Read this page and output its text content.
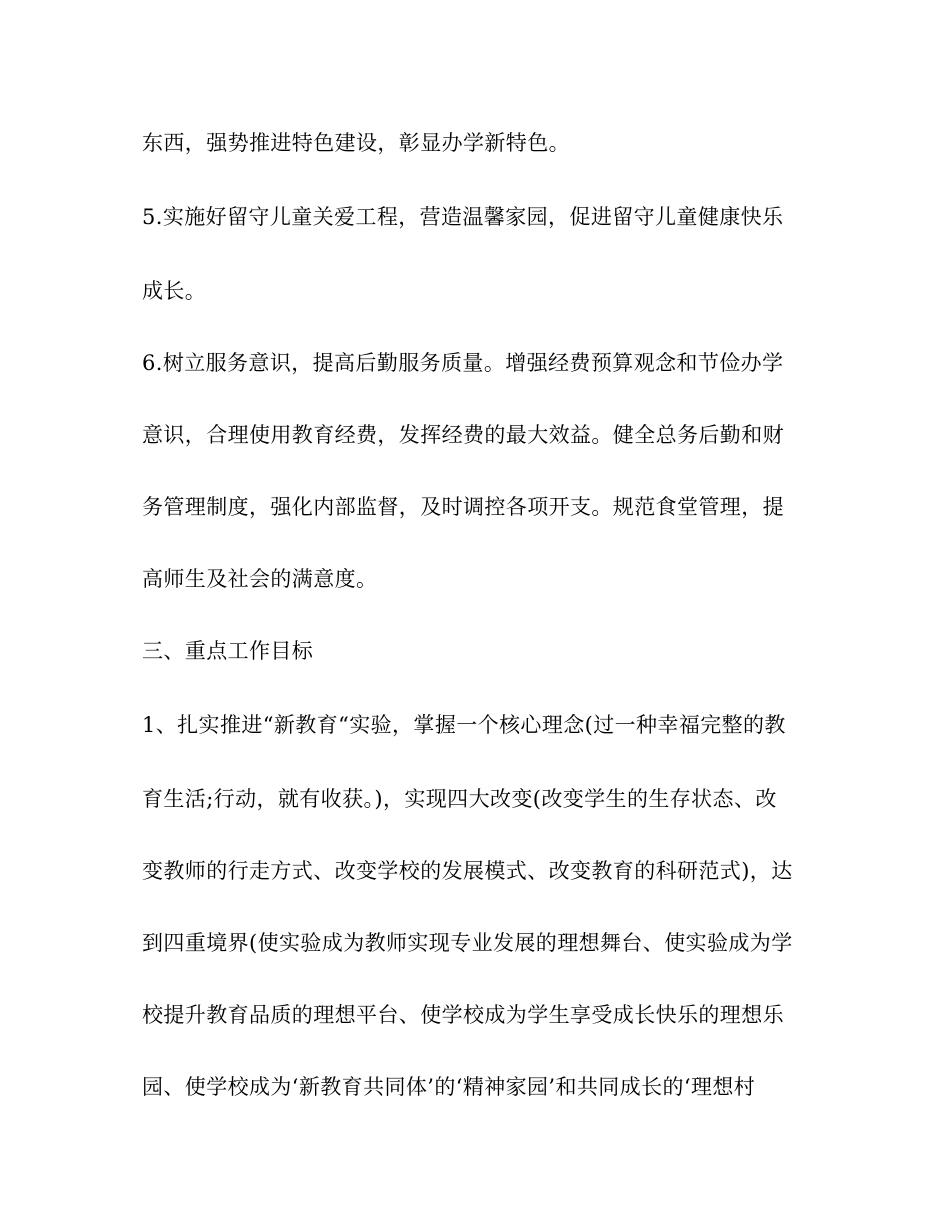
东西，强势推进特色建设，彰显办学新特色。
5.实施好留守儿童关爱工程，营造温馨家园，促进留守儿童健康快乐
成长。
6.树立服务意识，提高后勤服务质量。增强经费预算观念和节俭办学
意识，合理使用教育经费，发挥经费的最大效益。健全总务后勤和财
务管理制度，强化内部监督，及时调控各项开支。规范食堂管理，提
高师生及社会的满意度。
三、重点工作目标
1、扎实推进“新教育“实验，掌握一个核心理念(过一种幸福完整的教
育生活;行动，就有收获。)，实现四大改变(改变学生的生存状态、改
变教师的行走方式、改变学校的发展模式、改变教育的科研范式)，达
到四重境界(使实验成为教师实现专业发展的理想舞台、使实验成为学
校提升教育品质的理想平台、使学校成为学生享受成长快乐的理想乐
园、使学校成为‘新教育共同体’的‘精神家园’和共同成长的‘理想村
